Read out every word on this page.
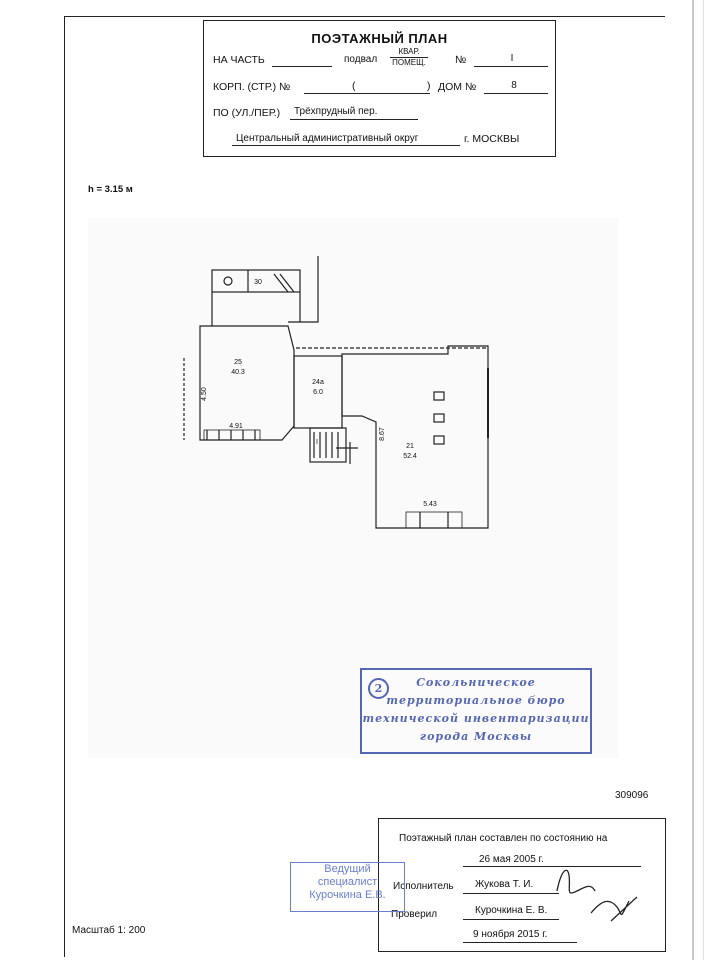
ПОЭТАЖНЫЙ ПЛАН
НА ЧАСТЬ	подвал
КВАР.
ПОМЕЩ.	№	I
КОРП. (СТР.) №	(	) ДОМ №	8
ПО (УЛ./ПЕР.) Трёхпрудный пер.
Центральный административный округ	г. МОСКВЫ
h = 3.15 м
30
25
40.3
24а
6.0
21
52.4
4.91
5.43
4.50
8.67
I
2	Сокольническое
территориальное бюро
технической инвентаризации
города Москвы
309096
Поэтажный план составлен по состоянию на
26 мая 2005 г.
Исполнитель Жукова Т. И.
Проверил	Курочкина Е. В.
9 ноября 2015 г.
Ведущий
специалист
Курочкина Е.В.
Масштаб 1: 200
